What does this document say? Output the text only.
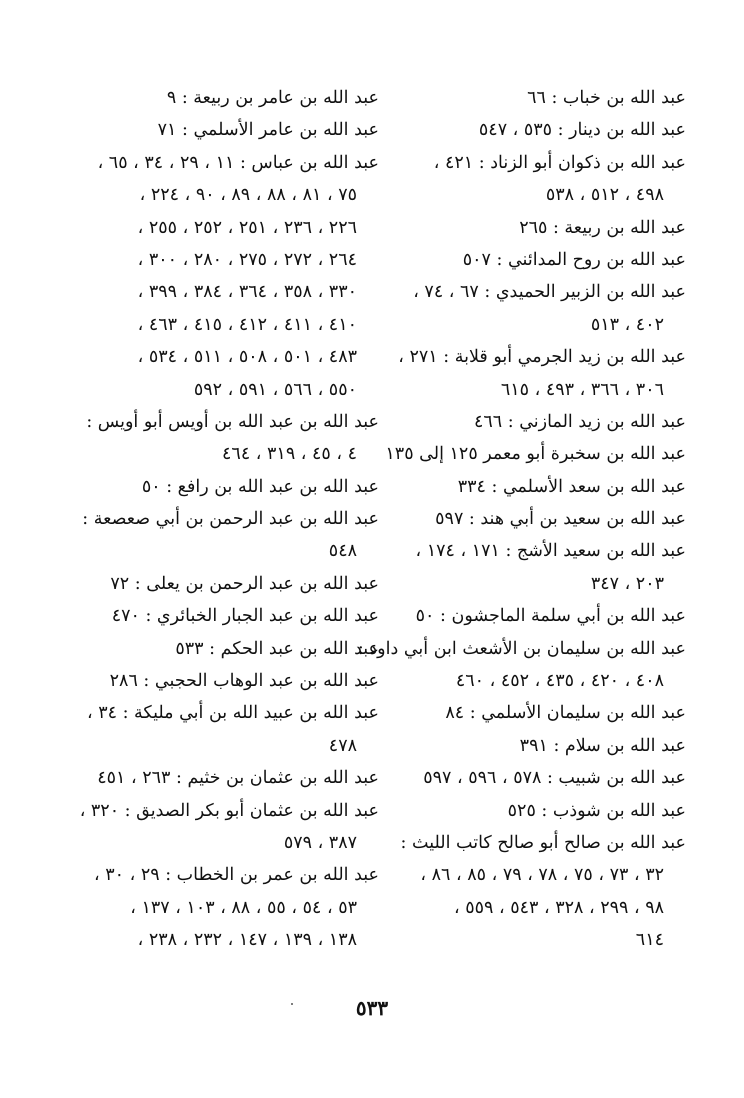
عبد الله بن خباب : ٦٦
عبد الله بن دينار : ٥٣٥ ، ٥٤٧
عبد الله بن ذكوان أبو الزناد : ٤٢١ ،
٤٩٨ ، ٥١٢ ، ٥٣٨
عبد الله بن ربيعة : ٢٦٥
عبد الله بن روح المدائني : ٥٠٧
عبد الله بن الزبير الحميدي : ٦٧ ، ٧٤ ،
٤٠٢ ، ٥١٣
عبد الله بن زيد الجرمي أبو قلابة : ٢٧١ ،
٣٠٦ ، ٣٦٦ ، ٤٩٣ ، ٦١٥
عبد الله بن زيد المازني : ٤٦٦
عبد الله بن سخبرة أبو معمر ١٢٥ إلى ١٣٥
عبد الله بن سعد الأسلمي : ٣٣٤
عبد الله بن سعيد بن أبي هند : ٥٩٧
عبد الله بن سعيد الأشج : ١٧١ ، ١٧٤ ،
٢٠٣ ، ٣٤٧
عبد الله بن أبي سلمة الماجشون : ٥٠
عبد الله بن سليمان بن الأشعث ابن أبي داود :
٤٠٨ ، ٤٢٠ ، ٤٣٥ ، ٤٥٢ ، ٤٦٠
عبد الله بن سليمان الأسلمي : ٨٤
عبد الله بن سلام : ٣٩١
عبد الله بن شبيب : ٥٧٨ ، ٥٩٦ ، ٥٩٧
عبد الله بن شوذب : ٥٢٥
عبد الله بن صالح أبو صالح كاتب الليث :
٣٢ ، ٧٣ ، ٧٥ ، ٧٨ ، ٧٩ ، ٨٥ ، ٨٦ ،
٩٨ ، ٢٩٩ ، ٣٢٨ ، ٥٤٣ ، ٥٥٩ ،
٦١٤
عبد الله بن عامر بن ربيعة : ٩
عبد الله بن عامر الأسلمي : ٧١
عبد الله بن عباس : ١١ ، ٢٩ ، ٣٤ ، ٦٥ ،
٧٥ ، ٨١ ، ٨٨ ، ٨٩ ، ٩٠ ، ٢٢٤ ،
٢٢٦ ، ٢٣٦ ، ٢٥١ ، ٢٥٢ ، ٢٥٥ ،
٢٦٤ ، ٢٧٢ ، ٢٧٥ ، ٢٨٠ ، ٣٠٠ ،
٣٣٠ ، ٣٥٨ ، ٣٦٤ ، ٣٨٤ ، ٣٩٩ ،
٤١٠ ، ٤١١ ، ٤١٢ ، ٤١٥ ، ٤٦٣ ،
٤٨٣ ، ٥٠١ ، ٥٠٨ ، ٥١١ ، ٥٣٤ ،
٥٥٠ ، ٥٦٦ ، ٥٩١ ، ٥٩٢
عبد الله بن عبد الله بن أويس أبو أويس :
٤ ، ٤٥ ، ٣١٩ ، ٤٦٤
عبد الله بن عبد الله بن رافع : ٥٠
عبد الله بن عبد الرحمن بن أبي صعصعة :
٥٤٨
عبد الله بن عبد الرحمن بن يعلى : ٧٢
عبد الله بن عبد الجبار الخبائري : ٤٧٠
عبد الله بن عبد الحكم : ٥٣٣
عبد الله بن عبد الوهاب الحجبي : ٢٨٦
عبد الله بن عبيد الله بن أبي مليكة : ٣٤ ،
٤٧٨
عبد الله بن عثمان بن خثيم : ٢٦٣ ، ٤٥١
عبد الله بن عثمان أبو بكر الصديق : ٣٢٠ ،
٣٨٧ ، ٥٧٩
عبد الله بن عمر بن الخطاب : ٢٩ ، ٣٠ ،
٥٣ ، ٥٤ ، ٥٥ ، ٨٨ ، ١٠٣ ، ١٣٧ ،
١٣٨ ، ١٣٩ ، ١٤٧ ، ٢٣٢ ، ٢٣٨ ،
٥٣٣
